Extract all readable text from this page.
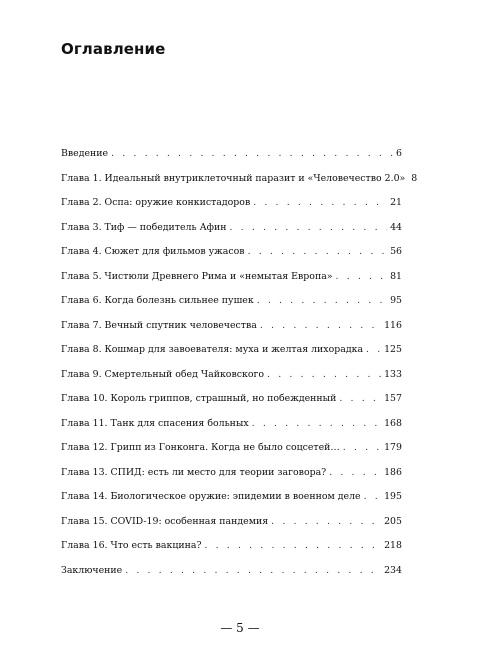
Оглавление
Введение . . .	6
Глава 1. Идеальный внутриклеточный паразит и «Человечество 2.0» 8
Глава 2. Оспа: оружие конкистадоров . . .	21
Глава 3. Тиф — победитель Афин . . .	44
Глава 4. Сюжет для фильмов ужасов . . .	56
Глава 5. Чистюли Древнего Рима и «немытая Европа» . . .	81
Глава 6. Когда болезнь сильнее пушек . . .	95
Глава 7. Вечный спутник человечества . . .	116
Глава 8. Кошмар для завоевателя: муха и желтая лихорадка . . .	125
Глава 9. Смертельный обед Чайковского . . .	133
Глава 10. Король гриппов, страшный, но побежденный . . .	157
Глава 11. Танк для спасения больных . . .	168
Глава 12. Грипп из Гонконга. Когда не было соцсетей… . . .	179
Глава 13. СПИД: есть ли место для теории заговора? . . .	186
Глава 14. Биологическое оружие: эпидемии в военном деле . . .	195
Глава 15. COVID-19: особенная пандемия . . .	205
Глава 16. Что есть вакцина? . . .	218
Заключение . . .	234
— 5 —
